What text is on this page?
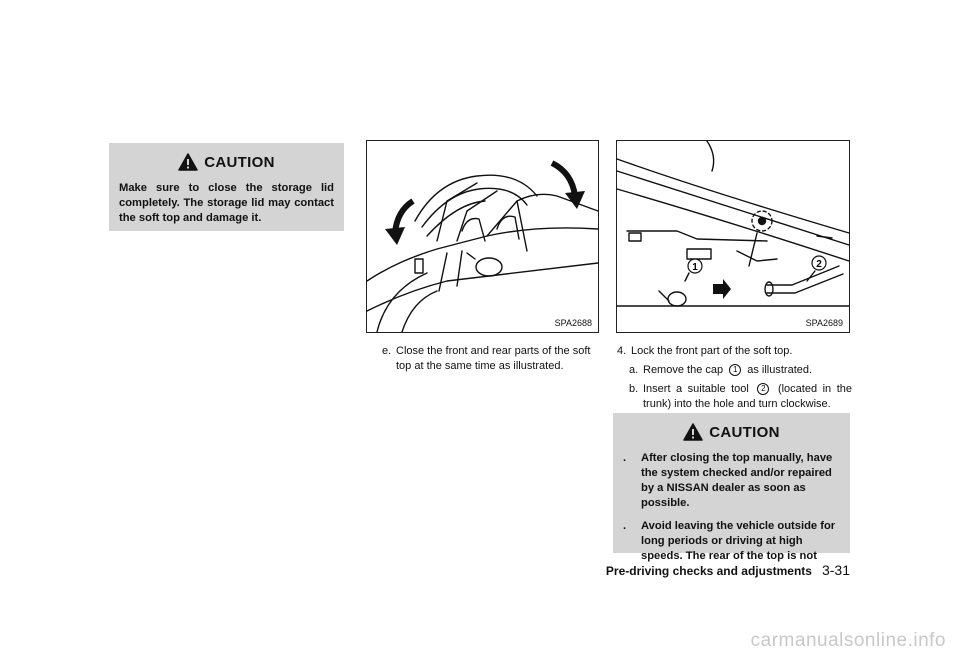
CAUTION
Make sure to close the storage lid completely. The storage lid may contact the soft top and damage it.
SPA2688
e. Close the front and rear parts of the soft top at the same time as illustrated.
1	2
SPA2689
4. Lock the front part of the soft top.
a. Remove the cap 1 as illustrated.
b. Insert a suitable tool 2 (located in the trunk) into the hole and turn clockwise.
CAUTION
. After closing the top manually, have the system checked and/or repaired by a NISSAN dealer as soon as possible.
. Avoid leaving the vehicle outside for long periods or driving at high speeds. The rear of the top is not
Pre-driving checks and adjustments 3-31
carmanualsonline.info
